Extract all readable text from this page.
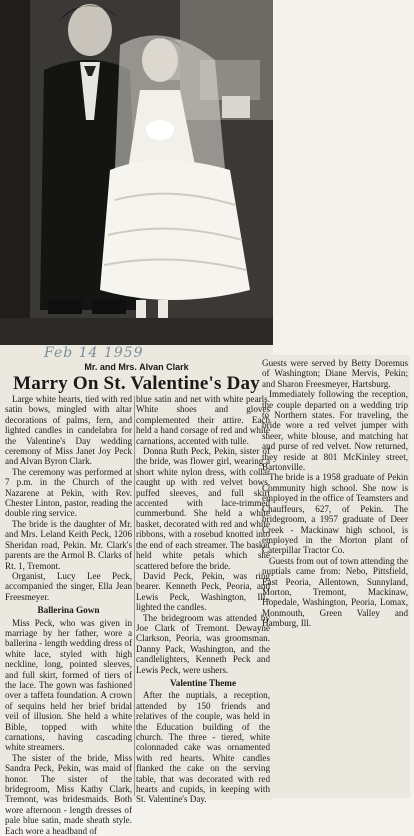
Feb 14 1959
Mr. and Mrs. Alvan Clark
Marry On St. Valentine's Day

Large white hearts, tied with red satin bows, mingled with altar decorations of palms, fern, and lighted candles in candelabra for the Valentine's Day wedding ceremony of Miss Janet Joy Peck and Alvan Byron Clark.

The ceremony was performed at 7 p.m. in the Church of the Nazarene at Pekin, with Rev. Chester Linton, pastor, reading the double ring service.

The bride is the daughter of Mr. and Mrs. Leland Keith Peck, 1206 Sheridan road, Pekin. Mr. Clark's parents are the Armol B. Clarks of Rt. 1, Tremont.

Organist, Lucy Lee Peck, accompanied the singer, Ella Jean Freesmeyer.

Ballerina Gown

Miss Peck, who was given in marriage by her father, wore a ballerina - length wedding dress of white lace, styled with high neckline, long, pointed sleeves, and full skirt, formed of tiers of the lace. The gown was fashioned over a taffeta foundation. A crown of sequins held her brief bridal veil of illusion. She held a white Bible, topped with white carnations, having cascading white streamers.

The sister of the bride, Miss Sandra Peck, Pekin, was maid of honor. The sister of the bridegroom, Miss Kathy Clark, Tremont, was bridesmaids. Both wore afternoon - length dresses of pale blue satin, made sheath style. Each wore a headband of

blue satin and net with white pearls. White shoes and gloves complemented their attire. Each held a hand corsage of red and white carnations, accented with tulle.

Donna Ruth Peck, Pekin, sister of the bride, was flower girl, wearing a short white nylon dress, with collar caught up with red velvet bows, puffed sleeves, and full skirt accented with lace-trimmed cummerbund. She held a white basket, decorated with red and white ribbons, with a rosebud knotted into the end of each streamer. The basket held white petals which she scattered before the bride.

David Peck, Pekin, was ring bearer. Kenneth Peck, Peoria, and Lewis Peck, Washington, Ill., lighted the candles.

The bridegroom was attended by Joe Clark of Tremont. Dewayne Clarkson, Peoria, was groomsman. Danny Pack, Washington, and the candlelighters, Kenneth Peck and Lewis Peck, were ushers.

Valentine Theme

After the nuptials, a reception, attended by 150 friends and relatives of the couple, was held in the Education building of the church. The three - tiered, white colonnaded cake was ornamented with red hearts. White candles flanked the cake on the serving table, that was decorated with red hearts and cupids, in keeping with St. Valentine's Day.

Guests were served by Betty Doremus of Washington; Diane Mervis, Pekin; and Sharon Freesmeyer, Hartsburg.

Immediately following the reception, the couple departed on a wedding trip to Northern states. For traveling, the bride wore a red velvet jumper with sheer, white blouse, and matching hat and purse of red velvet. Now returned, they reside at 801 McKinley street, Bartonville.

The bride is a 1958 graduate of Pekin Community high school. She now is employed in the office of Teamsters and Chauffeurs, 627, of Pekin. The bridegroom, a 1957 graduate of Deer Creek - Mackinaw high school, is employed in the Morton plant of Caterpillar Tractor Co.

Guests from out of town attending the nuptials came from: Nebo, Pittsfield, East Peoria, Allentown, Sunnyland, Morton, Tremont, Mackinaw, Hopedale, Washington, Peoria, Lomax, Monmouth, Green Valley and Hamburg, Ill.
